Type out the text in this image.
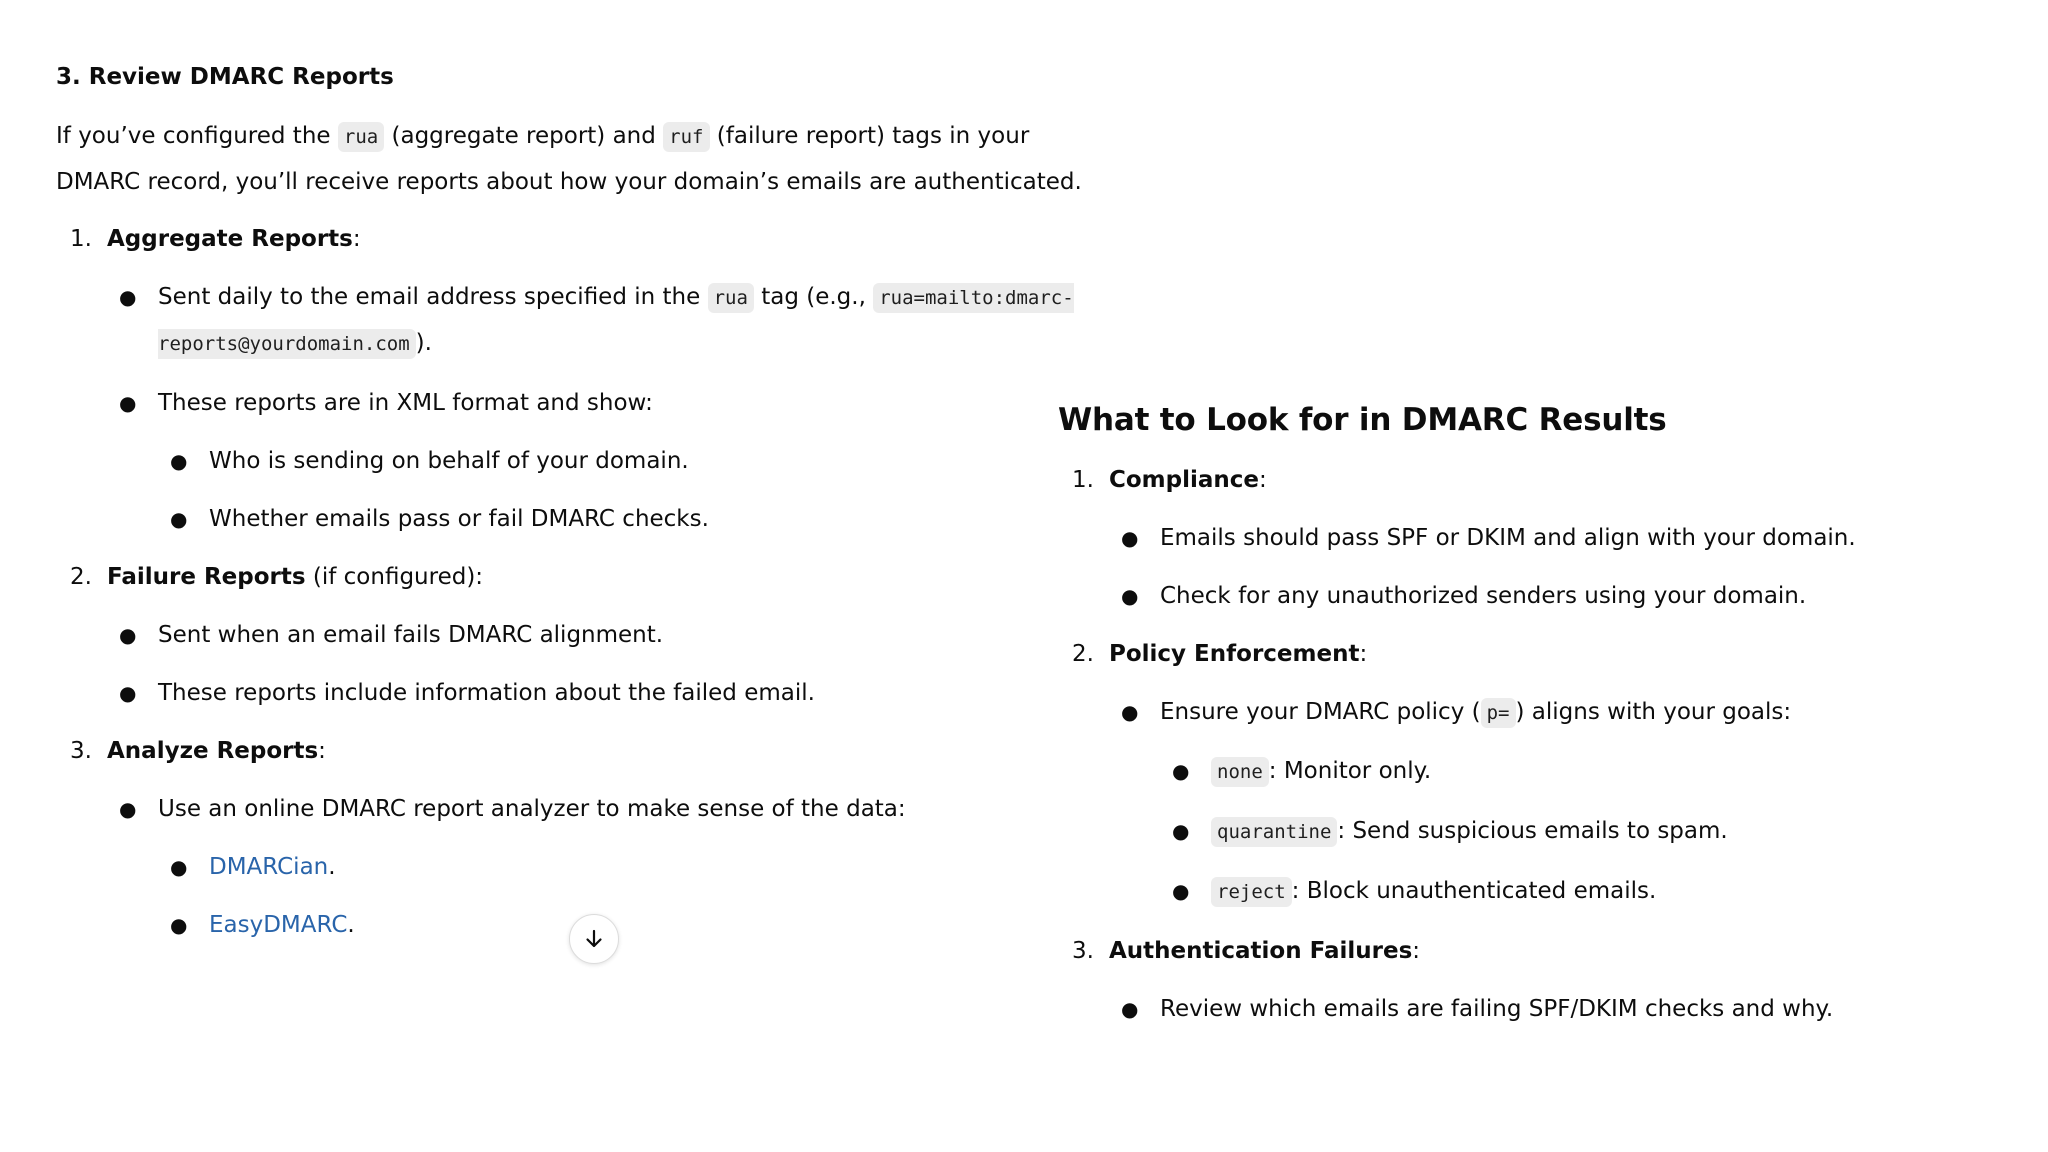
3. Review DMARC Reports

If you’ve configured the rua (aggregate report) and ruf (failure report) tags in your DMARC record, you’ll receive reports about how your domain’s emails are authenticated.

1. Aggregate Reports:
● Sent daily to the email address specified in the rua tag (e.g., rua=mailto:dmarc-reports@yourdomain.com ).
● These reports are in XML format and show:
● Who is sending on behalf of your domain.
● Whether emails pass or fail DMARC checks.
2. Failure Reports (if configured):
● Sent when an email fails DMARC alignment.
● These reports include information about the failed email.
3. Analyze Reports:
● Use an online DMARC report analyzer to make sense of the data:
● DMARCian.
● EasyDMARC.
What to Look for in DMARC Results
1. Compliance:
● Emails should pass SPF or DKIM and align with your domain.
● Check for any unauthorized senders using your domain.
2. Policy Enforcement:
● Ensure your DMARC policy ( p= ) aligns with your goals:
● none : Monitor only.
● quarantine : Send suspicious emails to spam.
● reject : Block unauthenticated emails.
3. Authentication Failures:
● Review which emails are failing SPF/DKIM checks and why.
